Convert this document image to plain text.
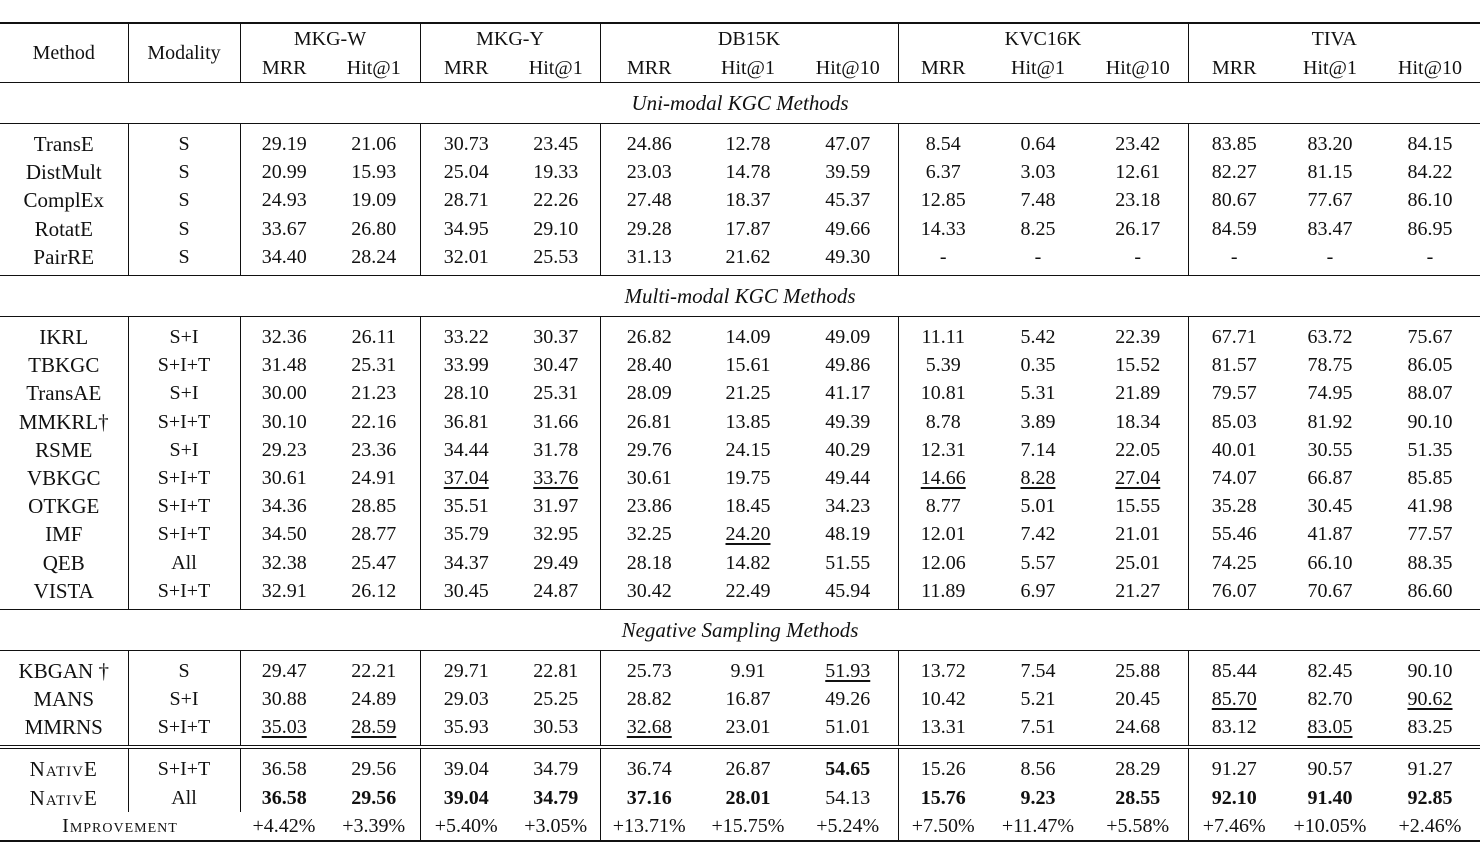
Method	Modality	MKG-W		MKG-Y		DB15K			KVC16K			TIVA		
		MRR	Hit@1	MRR	Hit@1	MRR	Hit@1	Hit@10	MRR	Hit@1	Hit@10	MRR	Hit@1	Hit@10
Uni-modal KGC Methods														
TransE	S	29.19	21.06	30.73	23.45	24.86	12.78	47.07	8.54	0.64	23.42	83.85	83.20	84.15
DistMult	S	20.99	15.93	25.04	19.33	23.03	14.78	39.59	6.37	3.03	12.61	82.27	81.15	84.22
ComplEx	S	24.93	19.09	28.71	22.26	27.48	18.37	45.37	12.85	7.48	23.18	80.67	77.67	86.10
RotatE	S	33.67	26.80	34.95	29.10	29.28	17.87	49.66	14.33	8.25	26.17	84.59	83.47	86.95
PairRE	S	34.40	28.24	32.01	25.53	31.13	21.62	49.30	-	-	-	-	-	-
Multi-modal KGC Methods														
IKRL	S+I	32.36	26.11	33.22	30.37	26.82	14.09	49.09	11.11	5.42	22.39	67.71	63.72	75.67
TBKGC	S+I+T	31.48	25.31	33.99	30.47	28.40	15.61	49.86	5.39	0.35	15.52	81.57	78.75	86.05
TransAE	S+I	30.00	21.23	28.10	25.31	28.09	21.25	41.17	10.81	5.31	21.89	79.57	74.95	88.07
MMKRL†	S+I+T	30.10	22.16	36.81	31.66	26.81	13.85	49.39	8.78	3.89	18.34	85.03	81.92	90.10
RSME	S+I	29.23	23.36	34.44	31.78	29.76	24.15	40.29	12.31	7.14	22.05	40.01	30.55	51.35
VBKGC	S+I+T	30.61	24.91	37.04	33.76	30.61	19.75	49.44	14.66	8.28	27.04	74.07	66.87	85.85
OTKGE	S+I+T	34.36	28.85	35.51	31.97	23.86	18.45	34.23	8.77	5.01	15.55	35.28	30.45	41.98
IMF	S+I+T	34.50	28.77	35.79	32.95	32.25	24.20	48.19	12.01	7.42	21.01	55.46	41.87	77.57
QEB	All	32.38	25.47	34.37	29.49	28.18	14.82	51.55	12.06	5.57	25.01	74.25	66.10	88.35
VISTA	S+I+T	32.91	26.12	30.45	24.87	30.42	22.49	45.94	11.89	6.97	21.27	76.07	70.67	86.60
Negative Sampling Methods														
KBGAN †	S	29.47	22.21	29.71	22.81	25.73	9.91	51.93	13.72	7.54	25.88	85.44	82.45	90.10
MANS	S+I	30.88	24.89	29.03	25.25	28.82	16.87	49.26	10.42	5.21	20.45	85.70	82.70	90.62
MMRNS	S+I+T	35.03	28.59	35.93	30.53	32.68	23.01	51.01	13.31	7.51	24.68	83.12	83.05	83.25
NativE	S+I+T	36.58	29.56	39.04	34.79	36.74	26.87	54.65	15.26	8.56	28.29	91.27	90.57	91.27
NativE	All	36.58	29.56	39.04	34.79	37.16	28.01	54.13	15.76	9.23	28.55	92.10	91.40	92.85
Improvement		+4.42%	+3.39%	+5.40%	+3.05%	+13.71%	+15.75%	+5.24%	+7.50%	+11.47%	+5.58%	+7.46%	+10.05%	+2.46%
